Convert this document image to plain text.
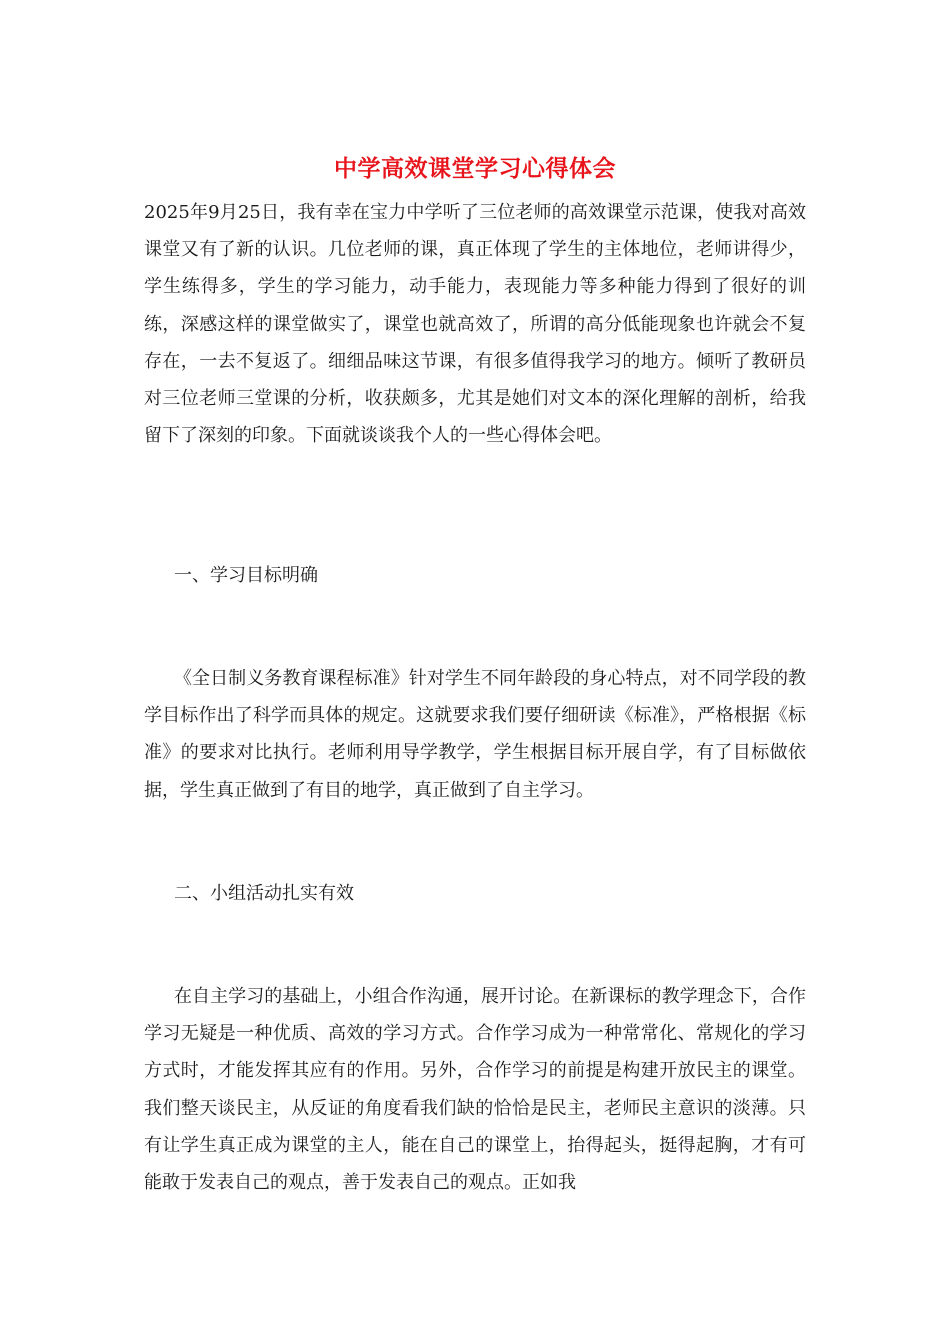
中学高效课堂学习心得体会

2025年9月25日，我有幸在宝力中学听了三位老师的高效课堂示范课，使我对高效课堂又有了新的认识。几位老师的课，真正体现了学生的主体地位，老师讲得少，学生练得多，学生的学习能力，动手能力，表现能力等多种能力得到了很好的训练，深感这样的课堂做实了，课堂也就高效了，所谓的高分低能现象也许就会不复存在，一去不复返了。细细品味这节课，有很多值得我学习的地方。倾听了教研员对三位老师三堂课的分析，收获颇多，尤其是她们对文本的深化理解的剖析，给我留下了深刻的印象。下面就谈谈我个人的一些心得体会吧。

一、学习目标明确

《全日制义务教育课程标准》针对学生不同年龄段的身心特点，对不同学段的教学目标作出了科学而具体的规定。这就要求我们要仔细研读《标准》，严格根据《标准》的要求对比执行。老师利用导学教学，学生根据目标开展自学，有了目标做依据，学生真正做到了有目的地学，真正做到了自主学习。

二、小组活动扎实有效

在自主学习的基础上，小组合作沟通，展开讨论。在新课标的教学理念下，合作学习无疑是一种优质、高效的学习方式。合作学习成为一种常常化、常规化的学习方式时，才能发挥其应有的作用。另外，合作学习的前提是构建开放民主的课堂。我们整天谈民主，从反证的角度看我们缺的恰恰是民主，老师民主意识的淡薄。只有让学生真正成为课堂的主人，能在自己的课堂上，抬得起头，挺得起胸，才有可能敢于发表自己的观点，善于发表自己的观点。正如我
